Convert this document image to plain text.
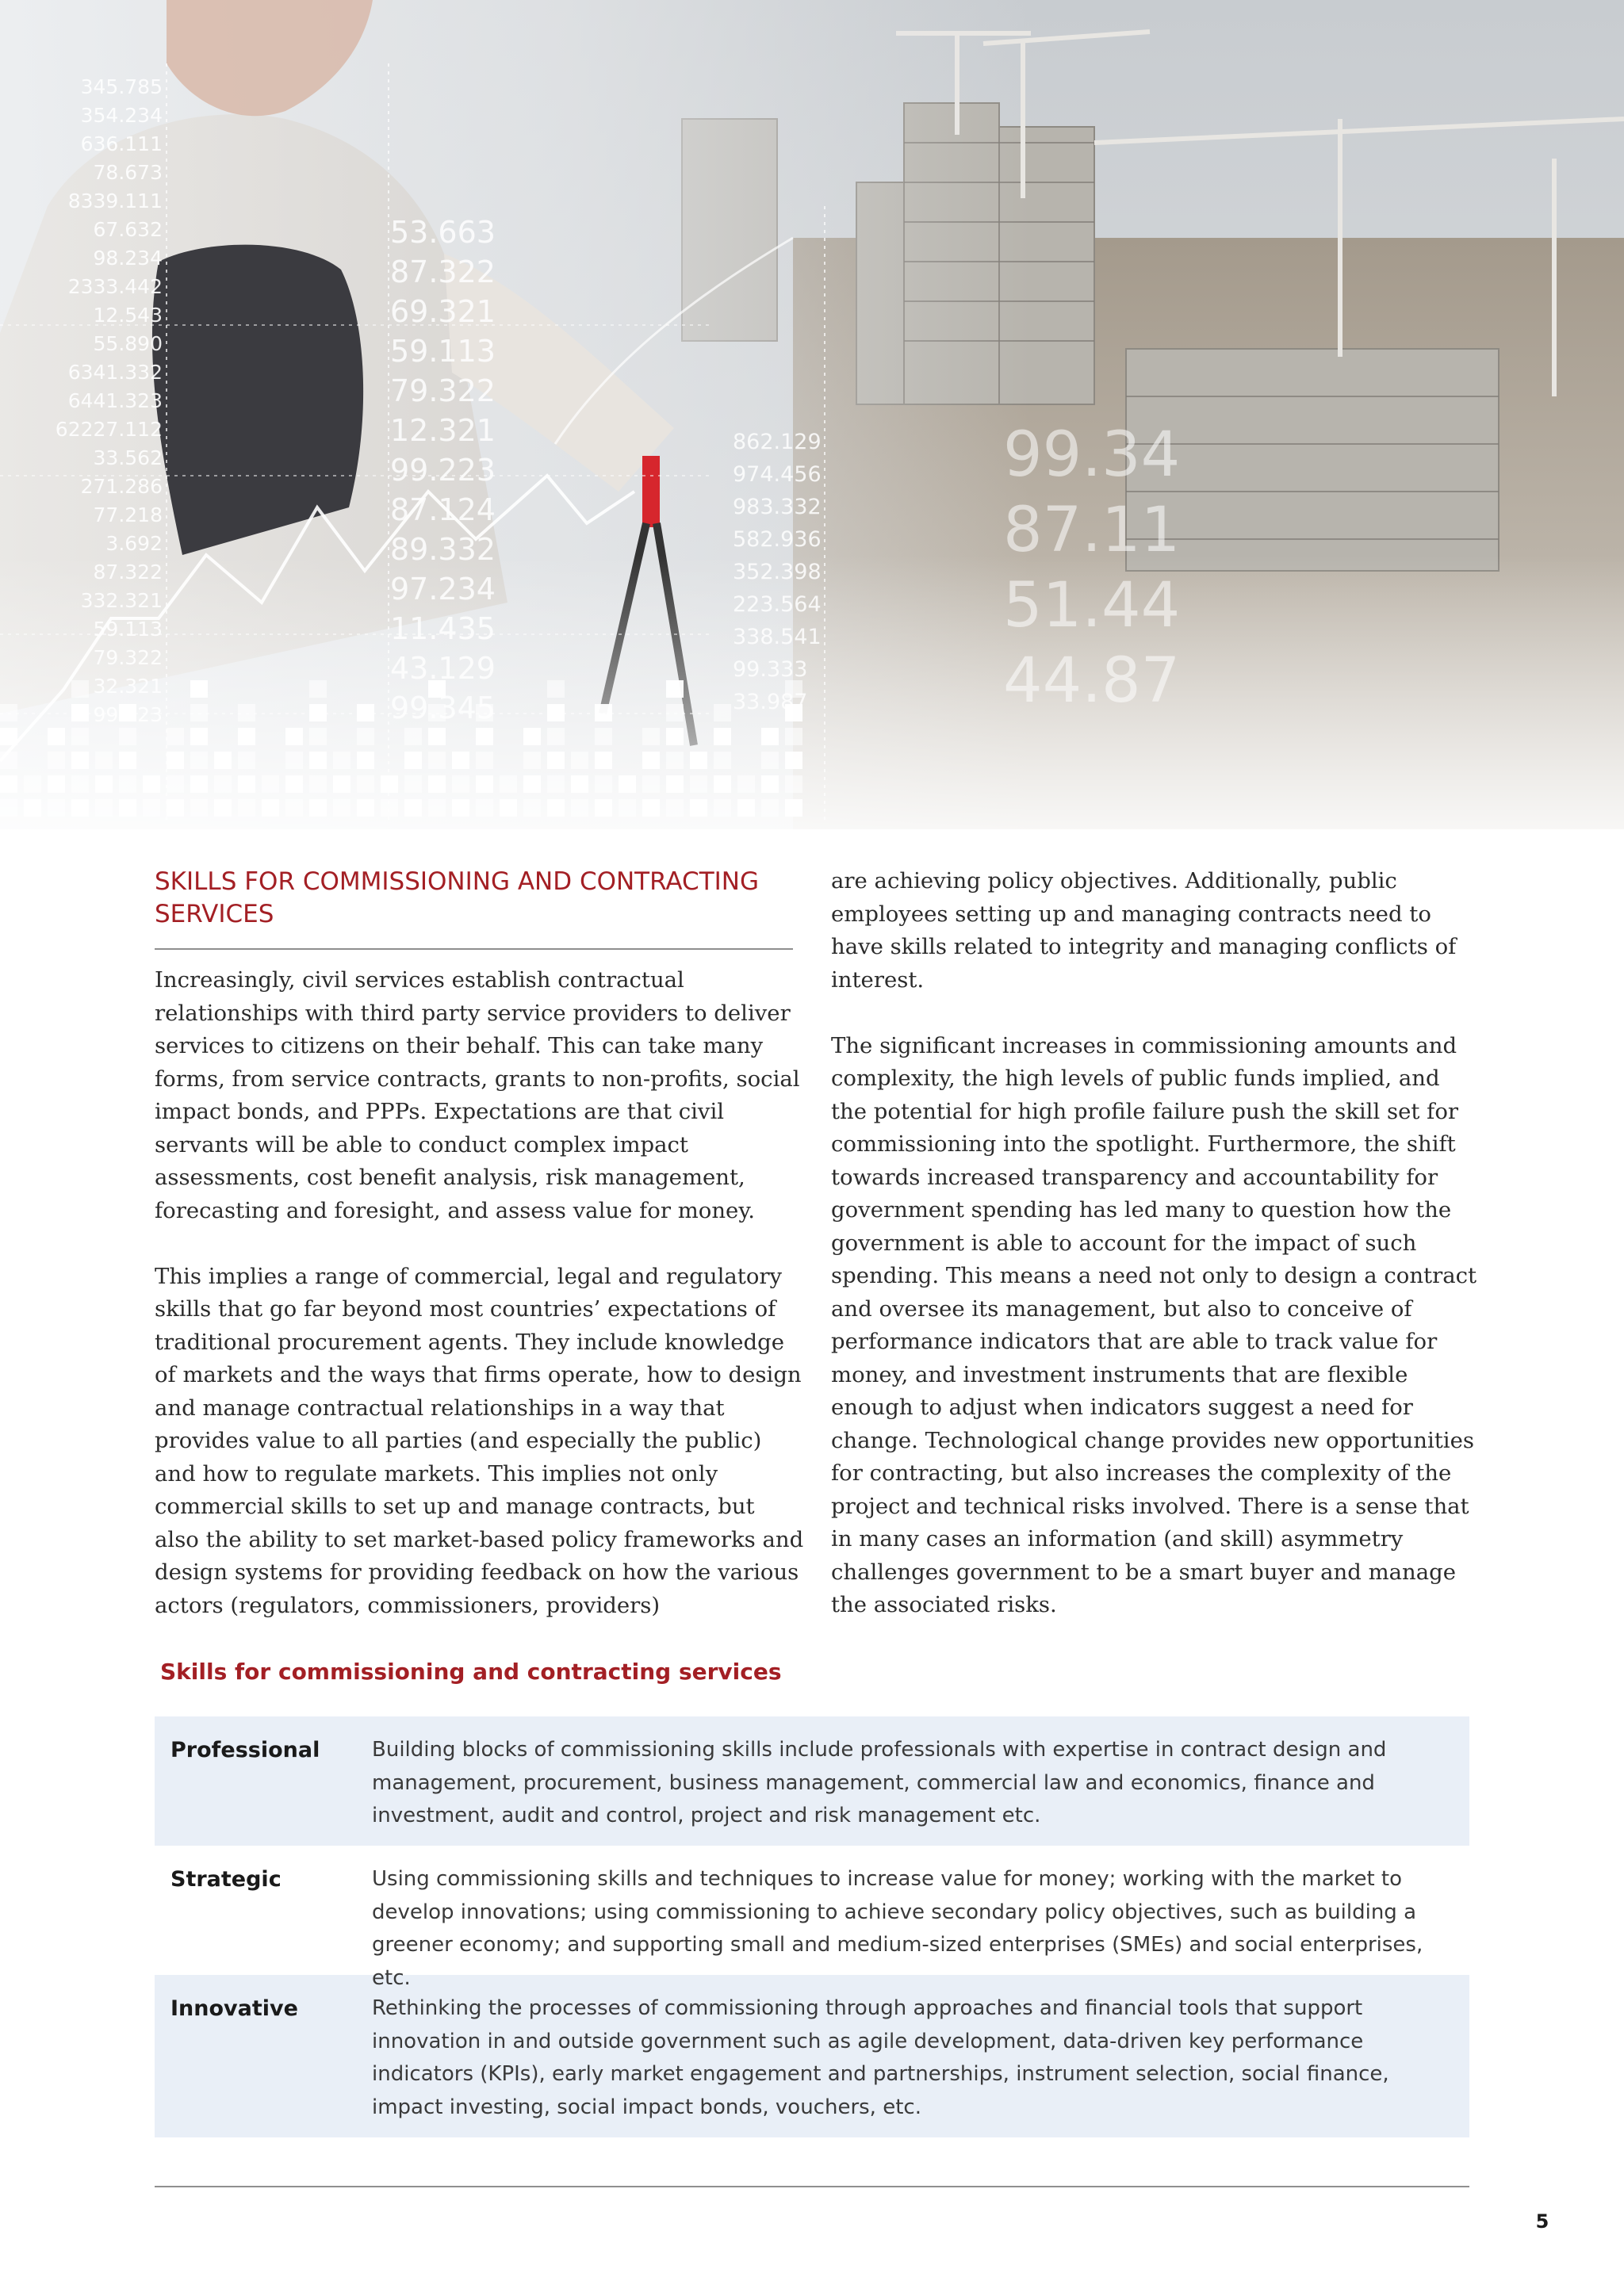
345.785
354.234
636.111
78.673
8339.111
67.632
98.234
2333.442
12.543
55.890
6341.332
6441.323
62227.112
33.562
271.286
77.218
3.692
87.322
332.321
59.113
79.322
32.321
99.223
53.663
87.322
69.321
59.113
79.322
12.321
99.223
87.124
89.332
97.234
11.435
43.129
99.345
862.129
974.456
983.332
582.936
352.398
223.564
338.541
99.333
33.987
99.34
87.11
51.44
44.87
SKILLS FOR COMMISSIONING AND CONTRACTING SERVICES

Increasingly, civil services establish contractual relationships with third party service providers to deliver services to citizens on their behalf. This can take many forms, from service contracts, grants to non-profits, social impact bonds, and PPPs. Expectations are that civil servants will be able to conduct complex impact assessments, cost benefit analysis, risk management, forecasting and foresight, and assess value for money.

This implies a range of commercial, legal and regulatory skills that go far beyond most countries’ expectations of traditional procurement agents. They include knowledge of markets and the ways that firms operate, how to design and manage contractual relationships in a way that provides value to all parties (and especially the public) and how to regulate markets. This implies not only commercial skills to set up and manage contracts, but also the ability to set market-based policy frameworks and design systems for providing feedback on how the various actors (regulators, commissioners, providers)

are achieving policy objectives. Additionally, public employees setting up and managing contracts need to have skills related to integrity and managing conflicts of interest.

The significant increases in commissioning amounts and complexity, the high levels of public funds implied, and the potential for high profile failure push the skill set for commissioning into the spotlight. Furthermore, the shift towards increased transparency and accountability for government spending has led many to question how the government is able to account for the impact of such spending. This means a need not only to design a contract and oversee its management, but also to conceive of performance indicators that are able to track value for money, and investment instruments that are flexible enough to adjust when indicators suggest a need for change. Technological change provides new opportunities for contracting, but also increases the complexity of the project and technical risks involved. There is a sense that in many cases an information (and skill) asymmetry challenges government to be a smart buyer and manage the associated risks.

Skills for commissioning and contracting services
Professional	Building blocks of commissioning skills include professionals with expertise in contract design and management, procurement, business management, commercial law and economics, finance and investment, audit and control, project and risk management etc.
Strategic	Using commissioning skills and techniques to increase value for money; working with the market to develop innovations; using commissioning to achieve secondary policy objectives, such as building a greener economy; and supporting small and medium-sized enterprises (SMEs) and social enterprises, etc.
Innovative	Rethinking the processes of commissioning through approaches and financial tools that support innovation in and outside government such as agile development, data-driven key performance indicators (KPIs), early market engagement and partnerships, instrument selection, social finance, impact investing, social impact bonds, vouchers, etc.
5
